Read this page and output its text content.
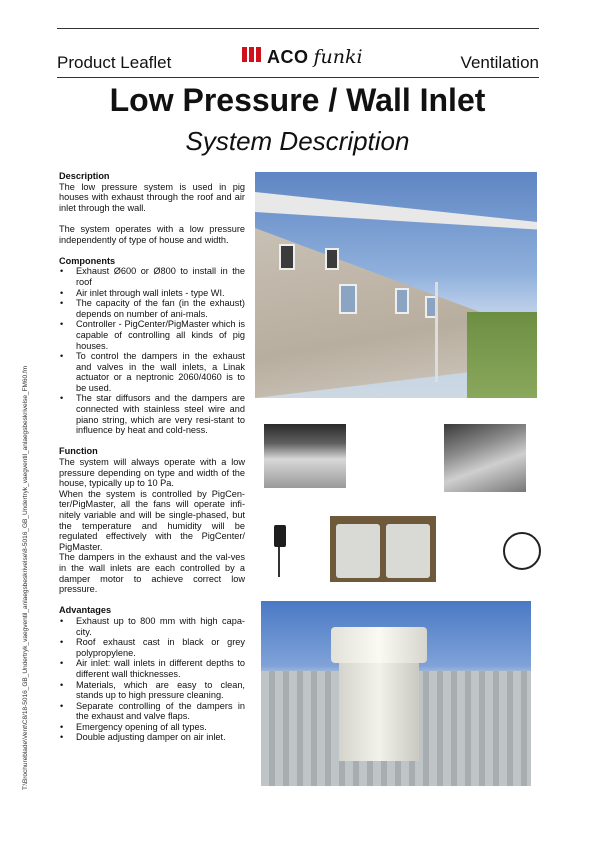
Product Leaflet	ACO funki	Ventilation
Low Pressure / Wall Inlet
System Description
T:\Brochureblade\Vent\C8/18-5016_GB_Undertryk_vaegventil_anlaegsbeskrivelse\8-5016_GB_Undertryk_vaegventil_anlaegsbeskrivelse_FM60.fm
Description

The low pressure system is used in pig houses with exhaust through the roof and air inlet through the wall.

The system operates with a low pressure independently of type of house and width.

Components
• Exhaust Ø600 or Ø800 to install in the roof
• Air inlet through wall inlets - type WI.
• The capacity of the fan (in the exhaust) depends on number of ani-mals.
• Controller - PigCenter/PigMaster which is capable of controlling all kinds of pig houses.
• To control the dampers in the exhaust and valves in the wall inlets, a Linak actuator or a neptronic 2060/4060 is to be used.
• The star diffusors and the dampers are connected with stainless steel wire and piano string, which are very resi-stant to influence by heat and cold-ness.
Function

The system will always operate with a low pressure depending on type and width of the house, typically up to 10 Pa.

When the system is controlled by PigCen-ter/PigMaster, all the fans will operate infi-nitely variable and will be single-phased, but the temperature and humidity will be regulated effectively with the PigCenter/ PigMaster.

The dampers in the exhaust and the val-ves in the wall inlets are each controlled by a damper motor to achieve correct low pressure.

Advantages
• Exhaust up to 800 mm with high capa-city.
• Roof exhaust cast in black or grey polypropylene.
• Air inlet: wall inlets in different depths to different wall thicknesses.
• Materials, which are easy to clean, stands up to high pressure cleaning.
• Separate controlling of the dampers in the exhaust and valve flaps.
• Emergency opening of all types.
• Double adjusting damper on air inlet.
